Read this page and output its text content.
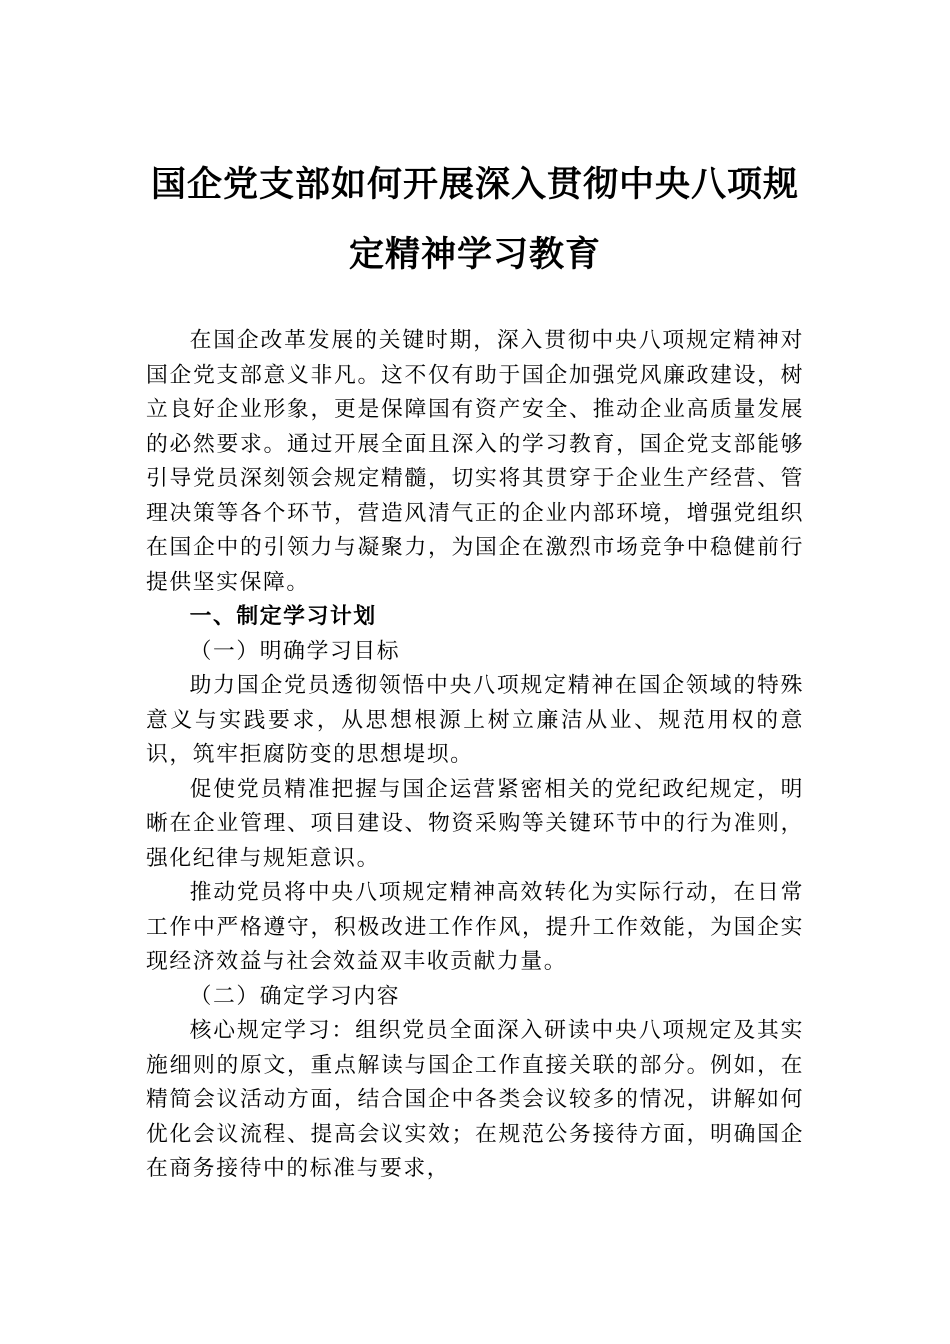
国企党支部如何开展深入贯彻中央八项规
定精神学习教育

在国企改革发展的关键时期，深入贯彻中央八项规定精神对国企党支部意义非凡。这不仅有助于国企加强党风廉政建设，树立良好企业形象，更是保障国有资产安全、推动企业高质量发展的必然要求。通过开展全面且深入的学习教育，国企党支部能够引导党员深刻领会规定精髓，切实将其贯穿于企业生产经营、管理决策等各个环节，营造风清气正的企业内部环境，增强党组织在国企中的引领力与凝聚力，为国企在激烈市场竞争中稳健前行提供坚实保障。

一、制定学习计划

（一）明确学习目标

助力国企党员透彻领悟中央八项规定精神在国企领域的特殊意义与实践要求，从思想根源上树立廉洁从业、规范用权的意识，筑牢拒腐防变的思想堤坝。

促使党员精准把握与国企运营紧密相关的党纪政纪规定，明晰在企业管理、项目建设、物资采购等关键环节中的行为准则，强化纪律与规矩意识。

推动党员将中央八项规定精神高效转化为实际行动，在日常工作中严格遵守，积极改进工作作风，提升工作效能，为国企实现经济效益与社会效益双丰收贡献力量。

（二）确定学习内容

核心规定学习：组织党员全面深入研读中央八项规定及其实施细则的原文，重点解读与国企工作直接关联的部分。例如，在精简会议活动方面，结合国企中各类会议较多的情况，讲解如何优化会议流程、提高会议实效；在规范公务接待方面，明确国企在商务接待中的标准与要求，
